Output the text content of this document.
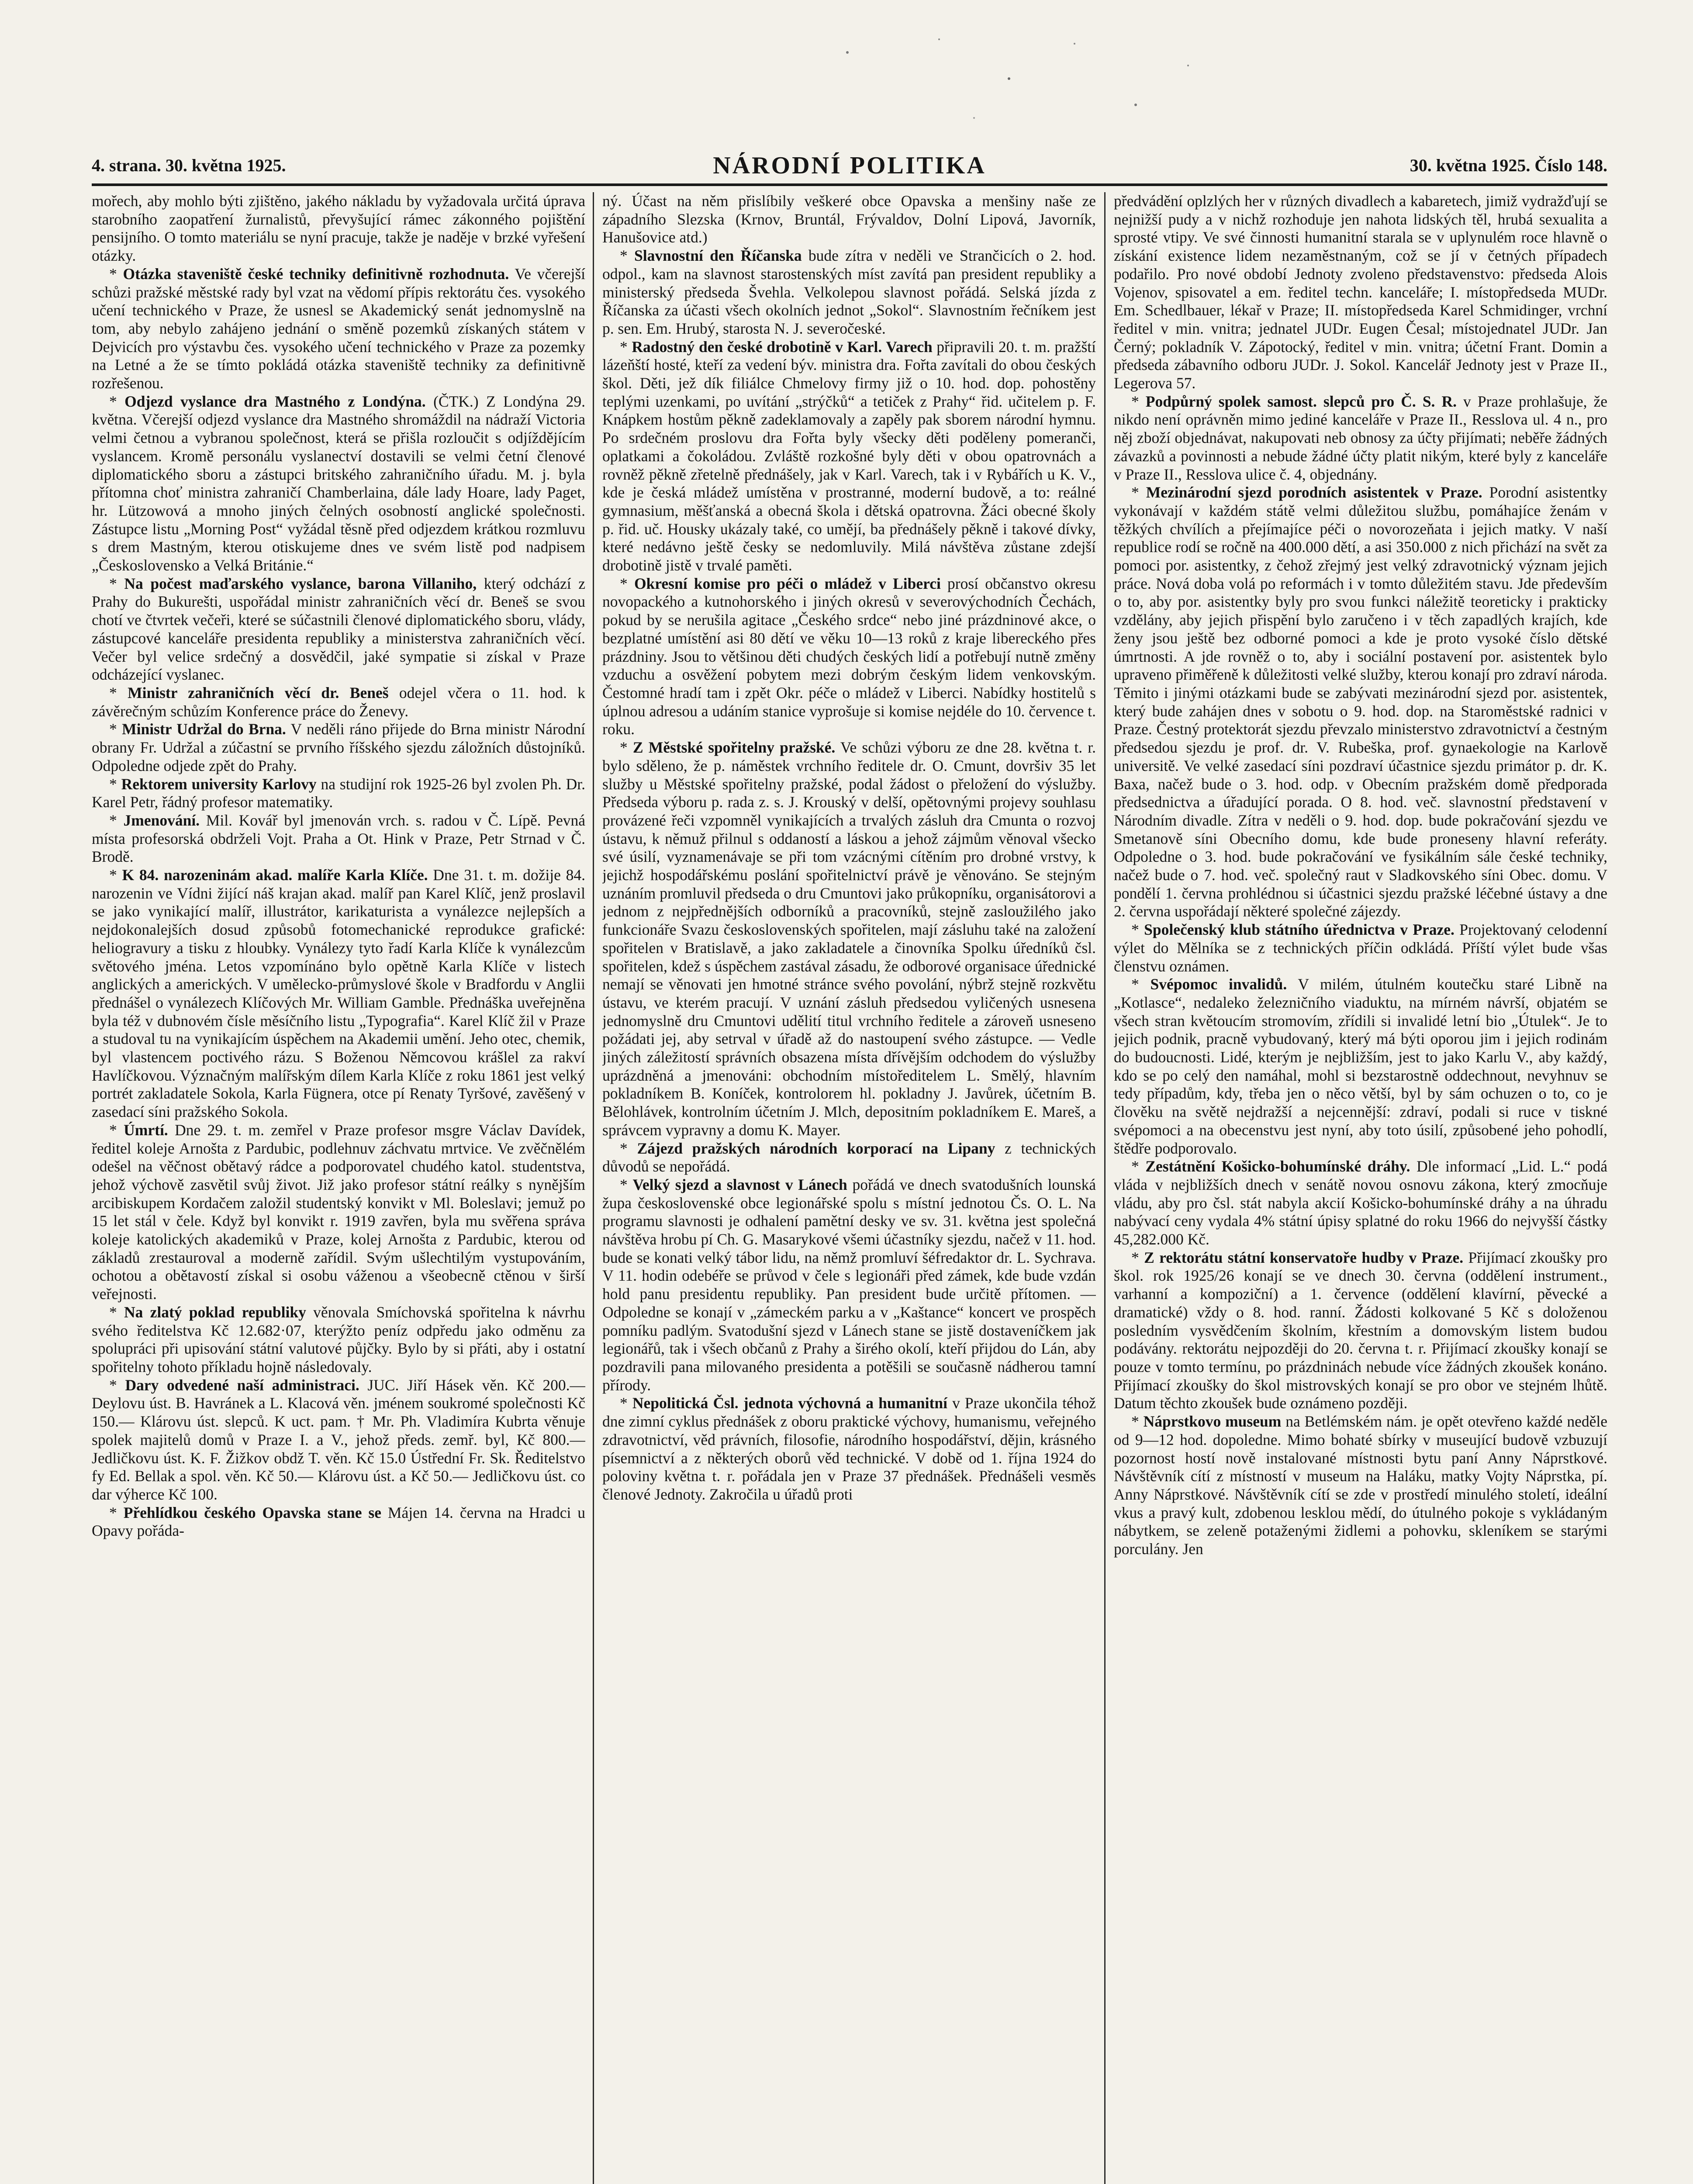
4. strana. 30. května 1925.	NÁRODNÍ POLITIKA	30. května 1925. Číslo 148.

mořech, aby mohlo býti zjištěno, jakého nákladu by vyžadovala určitá úprava starobního zaopatření žurnalistů, převyšující rámec zákonného pojištění pensijního. O tomto materiálu se nyní pracuje, takže je naděje v brzké vyřešení otázky.

* Otázka staveniště české techniky definitivně rozhodnuta. Ve včerejší schůzi pražské městské rady byl vzat na vědomí přípis rektorátu čes. vysokého učení technického v Praze, že usnesl se Akademický senát jednomyslně na tom, aby nebylo zahájeno jednání o směně pozemků získaných státem v Dejvicích pro výstavbu čes. vysokého učení technického v Praze za pozemky na Letné a že se tímto pokládá otázka staveniště techniky za definitivně rozřešenou.

* Odjezd vyslance dra Mastného z Londýna. (ČTK.) Z Londýna 29. května. Včerejší odjezd vyslance dra Mastného shromáždil na nádraží Victoria velmi četnou a vybranou společnost, která se přišla rozloučit s odjíždějícím vyslancem. Kromě personálu vyslanectví dostavili se velmi četní členové diplomatického sboru a zástupci britského zahraničního úřadu. M. j. byla přítomna choť ministra zahraničí Chamberlaina, dále lady Hoare, lady Paget, hr. Lützowová a mnoho jiných čelných osobností anglické společnosti. Zástupce listu „Morning Post“ vyžádal těsně před odjezdem krátkou rozmluvu s drem Mastným, kterou otiskujeme dnes ve svém listě pod nadpisem „Československo a Velká Británie.“

* Na počest maďarského vyslance, barona Villaniho, který odchází z Prahy do Bukurešti, uspořádal ministr zahraničních věcí dr. Beneš se svou chotí ve čtvrtek večeři, které se súčastnili členové diplomatického sboru, vlády, zástupcové kanceláře presidenta republiky a ministerstva zahraničních věcí. Večer byl velice srdečný a dosvědčil, jaké sympatie si získal v Praze odcházející vyslanec.

* Ministr zahraničních věcí dr. Beneš odejel včera o 11. hod. k závěrečným schůzím Konference práce do Ženevy.

* Ministr Udržal do Brna. V neděli ráno přijede do Brna ministr Národní obrany Fr. Udržal a zúčastní se prvního říšského sjezdu záložních důstojníků. Odpoledne odjede zpět do Prahy.

* Rektorem university Karlovy na studijní rok 1925-26 byl zvolen Ph. Dr. Karel Petr, řádný profesor matematiky.

* Jmenování. Mil. Kovář byl jmenován vrch. s. radou v Č. Lípě. Pevná místa profesorská obdrželi Vojt. Praha a Ot. Hink v Praze, Petr Strnad v Č. Brodě.

* K 84. narozeninám akad. malíře Karla Klíče. Dne 31. t. m. dožije 84. narozenin ve Vídni žijící náš krajan akad. malíř pan Karel Klíč, jenž proslavil se jako vynikající malíř, illustrátor, karikaturista a vynálezce nejlepších a nejdokonalejších dosud způsobů fotomechanické reprodukce grafické: heliogravury a tisku z hloubky. Vynálezy tyto řadí Karla Klíče k vynálezcům světového jména. Letos vzpomínáno bylo opětně Karla Klíče v listech anglických a amerických. V umělecko-průmyslové škole v Bradfordu v Anglii přednášel o vynálezech Klíčových Mr. William Gamble. Přednáška uveřejněna byla též v dubnovém čísle měsíčního listu „Typografia“. Karel Klíč žil v Praze a studoval tu na vynikajícím úspěchem na Akademii umění. Jeho otec, chemik, byl vlastencem poctivého rázu. S Boženou Němcovou krášlel za rakví Havlíčkovou. Význačným malířským dílem Karla Klíče z roku 1861 jest velký portrét zakladatele Sokola, Karla Fügnera, otce pí Renaty Tyršové, zavěšený v zasedací síni pražského Sokola.

* Úmrtí. Dne 29. t. m. zemřel v Praze profesor msgre Václav Davídek, ředitel koleje Arnošta z Pardubic, podlehnuv záchvatu mrtvice. Ve zvěčnělém odešel na věčnost obětavý rádce a podporovatel chudého katol. studentstva, jehož výchově zasvětil svůj život. Již jako profesor státní reálky s nynějším arcibiskupem Kordačem založil studentský konvikt v Ml. Boleslavi; jemuž po 15 let stál v čele. Když byl konvikt r. 1919 zavřen, byla mu svěřena správa koleje katolických akademiků v Praze, kolej Arnošta z Pardubic, kterou od základů zrestauroval a moderně zařídil. Svým ušlechtilým vystupováním, ochotou a obětavostí získal si osobu váženou a všeobecně ctěnou v širší veřejnosti.

* Na zlatý poklad republiky věnovala Smíchovská spořitelna k návrhu svého ředitelstva Kč 12.682·07, kterýžto peníz odpředu jako odměnu za spolupráci při upisování státní valutové půjčky. Bylo by si přáti, aby i ostatní spořitelny tohoto příkladu hojně následovaly.

* Dary odvedené naší administraci. JUC. Jiří Hásek věn. Kč 200.— Deylovu úst. B. Havránek a L. Klacová věn. jménem soukromé společnosti Kč 150.— Klárovu úst. slepců. K uct. pam. † Mr. Ph. Vladimíra Kubrta věnuje spolek majitelů domů v Praze I. a V., jehož předs. zemř. byl, Kč 800.— Jedličkovu úst. K. F. Žižkov obdž T. věn. Kč 15.0 Ústřední Fr. Sk. Ředitelstvo fy Ed. Bellak a spol. věn. Kč 50.— Klárovu úst. a Kč 50.— Jedličkovu úst. co dar výherce Kč 100.

* Přehlídkou českého Opavska stane se Májen 14. června na Hradci u Opavy pořáda-

ný. Účast na něm přislíbily veškeré obce Opavska a menšiny naše ze západního Slezska (Krnov, Bruntál, Frývaldov, Dolní Lipová, Javorník, Hanušovice atd.)

* Slavnostní den Říčanska bude zítra v neděli ve Strančicích o 2. hod. odpol., kam na slavnost starostenských míst zavítá pan president republiky a ministerský předseda Švehla. Velkolepou slavnost pořádá. Selská jízda z Říčanska za účasti všech okolních jednot „Sokol“. Slavnostním řečníkem jest p. sen. Em. Hrubý, starosta N. J. severočeské.

* Radostný den české drobotině v Karl. Varech připravili 20. t. m. pražští lázeňští hosté, kteří za vedení býv. ministra dra. Fořta zavítali do obou českých škol. Děti, jež dík filiálce Chmelovy firmy již o 10. hod. dop. pohostěny teplými uzenkami, po uvítání „strýčků“ a tetiček z Prahy“ řid. učitelem p. F. Knápkem hostům pěkně zadeklamovaly a zapěly pak sborem národní hymnu. Po srdečném proslovu dra Fořta byly všecky děti poděleny pomeranči, oplatkami a čokoládou. Zvláště rozkošné byly děti v obou opatrovnách a rovněž pěkně zřetelně přednášely, jak v Karl. Varech, tak i v Rybářích u K. V., kde je česká mládež umístěna v prostranné, moderní budově, a to: reálné gymnasium, měšťanská a obecná škola i dětská opatrovna. Žáci obecné školy p. řid. uč. Housky ukázaly také, co umějí, ba přednášely pěkně i takové dívky, které nedávno ještě česky se nedomluvily. Milá návštěva zůstane zdejší drobotině jistě v trvalé paměti.

* Okresní komise pro péči o mládež v Liberci prosí občanstvo okresu novopackého a kutnohorského i jiných okresů v severovýchodních Čechách, pokud by se nerušila agitace „Českého srdce“ nebo jiné prázdninové akce, o bezplatné umístění asi 80 dětí ve věku 10—13 roků z kraje libereckého přes prázdniny. Jsou to většinou děti chudých českých lidí a potřebují nutně změny vzduchu a osvěžení pobytem mezi dobrým českým lidem venkovským. Čestomné hradí tam i zpět Okr. péče o mládež v Liberci. Nabídky hostitelů s úplnou adresou a udáním stanice vyprošuje si komise nejdéle do 10. července t. roku.

* Z Městské spořitelny pražské. Ve schůzi výboru ze dne 28. května t. r. bylo sděleno, že p. náměstek vrchního ředitele dr. O. Cmunt, dovršiv 35 let služby u Městské spořitelny pražské, podal žádost o přeložení do výslužby. Předseda výboru p. rada z. s. J. Krouský v delší, opětovnými projevy souhlasu provázené řeči vzpomněl vynikajících a trvalých zásluh dra Cmunta o rozvoj ústavu, k němuž přilnul s oddaností a láskou a jehož zájmům věnoval všecko své úsilí, vyznamenávaje se při tom vzácnými cítěním pro drobné vrstvy, k jejichž hospodářskému poslání spořitelnictví právě je věnováno. Se stejným uznáním promluvil předseda o dru Cmuntovi jako průkopníku, organisátorovi a jednom z nejpřednějších odborníků a pracovníků, stejně zasloužilého jako funkcionáře Svazu československých spořitelen, mají zásluhu také na založení spořitelen v Bratislavě, a jako zakladatele a činovníka Spolku úředníků čsl. spořitelen, kdež s úspěchem zastával zásadu, že odborové organisace úřednické nemají se věnovati jen hmotné stránce svého povolání, nýbrž stejně rozkvětu ústavu, ve kterém pracují. V uznání zásluh předsedou vyličených usnesena jednomyslně dru Cmuntovi udělití titul vrchního ředitele a zároveň usneseno požádati jej, aby setrval v úřadě až do nastoupení svého zástupce. — Vedle jiných záležitostí správních obsazena místa dřívějším odchodem do výslužby uprázdněná a jmenováni: obchodním místoředitelem L. Smělý, hlavním pokladníkem B. Koníček, kontrolorem hl. pokladny J. Javůrek, účetním B. Bělohlávek, kontrolním účetním J. Mlch, depositním pokladníkem E. Mareš, a správcem vypravny a domu K. Mayer.

* Zájezd pražských národních korporací na Lipany z technických důvodů se nepořádá.

* Velký sjezd a slavnost v Lánech pořádá ve dnech svatodušních lounská župa československé obce legionářské spolu s místní jednotou Čs. O. L. Na programu slavnosti je odhalení pamětní desky ve sv. 31. května jest společná návštěva hrobu pí Ch. G. Masarykové všemi účastníky sjezdu, načež v 11. hod. bude se konati velký tábor lidu, na němž promluví šéfredaktor dr. L. Sychrava. V 11. hodin odebéře se průvod v čele s legionáři před zámek, kde bude vzdán hold panu presidentu republiky. Pan president bude určitě přítomen. — Odpoledne se konají v „zámeckém parku a v „Kaštance“ koncert ve prospěch pomníku padlým. Svatodušní sjezd v Lánech stane se jistě dostaveníčkem jak legionářů, tak i všech občanů z Prahy a širého okolí, kteří přijdou do Lán, aby pozdravili pana milovaného presidenta a potěšili se současně nádherou tamní přírody.

* Nepolitická Čsl. jednota výchovná a humanitní v Praze ukončila téhož dne zimní cyklus přednášek z oboru praktické výchovy, humanismu, veřejného zdravotnictví, věd právních, filosofie, národního hospodářství, dějin, krásného písemnictví a z některých oborů věd technické. V době od 1. října 1924 do poloviny května t. r. pořádala jen v Praze 37 přednášek. Přednášeli vesměs členové Jednoty. Zakročila u úřadů proti

předvádění oplzlých her v různých divadlech a kabaretech, jimiž vydražďují se nejnižší pudy a v nichž rozhoduje jen nahota lidských těl, hrubá sexualita a sprosté vtipy. Ve své činnosti humanitní starala se v uplynulém roce hlavně o získání existence lidem nezaměstnaným, což se jí v četných případech podařilo. Pro nové období Jednoty zvoleno představenstvo: předseda Alois Vojenov, spisovatel a em. ředitel techn. kanceláře; I. místopředseda MUDr. Em. Schedlbauer, lékař v Praze; II. místopředseda Karel Schmidinger, vrchní ředitel v min. vnitra; jednatel JUDr. Eugen Česal; místojednatel JUDr. Jan Černý; pokladník V. Zápotocký, ředitel v min. vnitra; účetní Frant. Domin a předseda zábavního odboru JUDr. J. Sokol. Kancelář Jednoty jest v Praze II., Legerova 57.

* Podpůrný spolek samost. slepců pro Č. S. R. v Praze prohlašuje, že nikdo není oprávněn mimo jediné kanceláře v Praze II., Resslova ul. 4 n., pro něj zboží objednávat, nakupovati neb obnosy za účty přijímati; neběře žádných závazků a povinnosti a nebude žádné účty platit nikým, které byly z kanceláře v Praze II., Resslova ulice č. 4, objednány.

* Mezinárodní sjezd porodních asistentek v Praze. Porodní asistentky vykonávají v každém státě velmi důležitou službu, pomáhajíce ženám v těžkých chvílích a přejímajíce péči o novorozeňata i jejich matky. V naší republice rodí se ročně na 400.000 dětí, a asi 350.000 z nich přichází na svět za pomoci por. asistentky, z čehož zřejmý jest velký zdravotnický význam jejich práce. Nová doba volá po reformách i v tomto důležitém stavu. Jde především o to, aby por. asistentky byly pro svou funkci náležitě teoreticky i prakticky vzdělány, aby jejich přispění bylo zaručeno i v těch zapadlých krajích, kde ženy jsou ještě bez odborné pomoci a kde je proto vysoké číslo dětské úmrtnosti. A jde rovněž o to, aby i sociální postavení por. asistentek bylo upraveno přiměřeně k důležitosti velké služby, kterou konají pro zdraví národa. Těmito i jinými otázkami bude se zabývati mezinárodní sjezd por. asistentek, který bude zahájen dnes v sobotu o 9. hod. dop. na Staroměstské radnici v Praze. Čestný protektorát sjezdu převzalo ministerstvo zdravotnictví a čestným předsedou sjezdu je prof. dr. V. Rubeška, prof. gynaekologie na Karlově universitě. Ve velké zasedací síni pozdraví účastnice sjezdu primátor p. dr. K. Baxa, načež bude o 3. hod. odp. v Obecním pražském domě předporada předsednictva a úřadující porada. O 8. hod. več. slavnostní představení v Národním divadle. Zítra v neděli o 9. hod. dop. bude pokračování sjezdu ve Smetanově síni Obecního domu, kde bude proneseny hlavní referáty. Odpoledne o 3. hod. bude pokračování ve fysikálním sále české techniky, načež bude o 7. hod. več. společný raut v Sladkovského síni Obec. domu. V pondělí 1. června prohlédnou si účastnici sjezdu pražské léčebné ústavy a dne 2. června uspořádají některé společné zájezdy.

* Společenský klub státního úřednictva v Praze. Projektovaný celodenní výlet do Mělníka se z technických příčin odkládá. Příští výlet bude všas členstvu oznámen.

* Svépomoc invalidů. V milém, útulném koutečku staré Libně na „Kotlasce“, nedaleko železničního viaduktu, na mírném návrší, objatém se všech stran květoucím stromovím, zřídili si invalidé letní bio „Útulek“. Je to jejich podnik, pracně vybudovaný, který má býti oporou jim i jejich rodinám do budoucnosti. Lidé, kterým je nejbližším, jest to jako Karlu V., aby každý, kdo se po celý den namáhal, mohl si bezstarostně oddechnout, nevyhnuv se tedy případům, kdy, třeba jen o něco větší, byl by sám ochuzen o to, co je člověku na světě nejdražší a nejcennější: zdraví, podali si ruce v tiskné svépomoci a na obecenstvu jest nyní, aby toto úsilí, způsobené jeho pohodlí, štědře podporovalo.

* Zestátnění Košicko-bohumínské dráhy. Dle informací „Lid. L.“ podá vláda v nejbližších dnech v senátě novou osnovu zákona, který zmocňuje vládu, aby pro čsl. stát nabyla akcií Košicko-bohumínské dráhy a na úhradu nabývací ceny vydala 4% státní úpisy splatné do roku 1966 do nejvyšší částky 45,282.000 Kč.

* Z rektorátu státní konservatoře hudby v Praze. Přijímací zkoušky pro škol. rok 1925/26 konají se ve dnech 30. června (oddělení instrument., varhanní a kompoziční) a 1. července (oddělení klavírní, pěvecké a dramatické) vždy o 8. hod. ranní. Žádosti kolkované 5 Kč s doloženou posledním vysvědčením školním, křestním a domovským listem budou podávány. rektorátu nejpozději do 20. června t. r. Přijímací zkoušky konají se pouze v tomto termínu, po prázdninách nebude více žádných zkoušek konáno. Přijímací zkoušky do škol mistrovských konají se pro obor ve stejném lhůtě. Datum těchto zkoušek bude oznámeno později.

* Náprstkovo museum na Betlémském nám. je opět otevřeno každé neděle od 9—12 hod. dopoledne. Mimo bohaté sbírky v museující budově vzbuzují pozornost hostí nově instalované místnosti bytu paní Anny Náprstkové. Návštěvník cítí z místností v museum na Haláku, matky Vojty Náprstka, pí. Anny Náprstkové. Návštěvník cítí se zde v prostředí minulého století, ideální vkus a pravý kult, zdobenou lesklou mědí, do útulného pokoje s vykládaným nábytkem, se zeleně potaženými židlemi a pohovku, skleníkem se starými porculány. Jen
